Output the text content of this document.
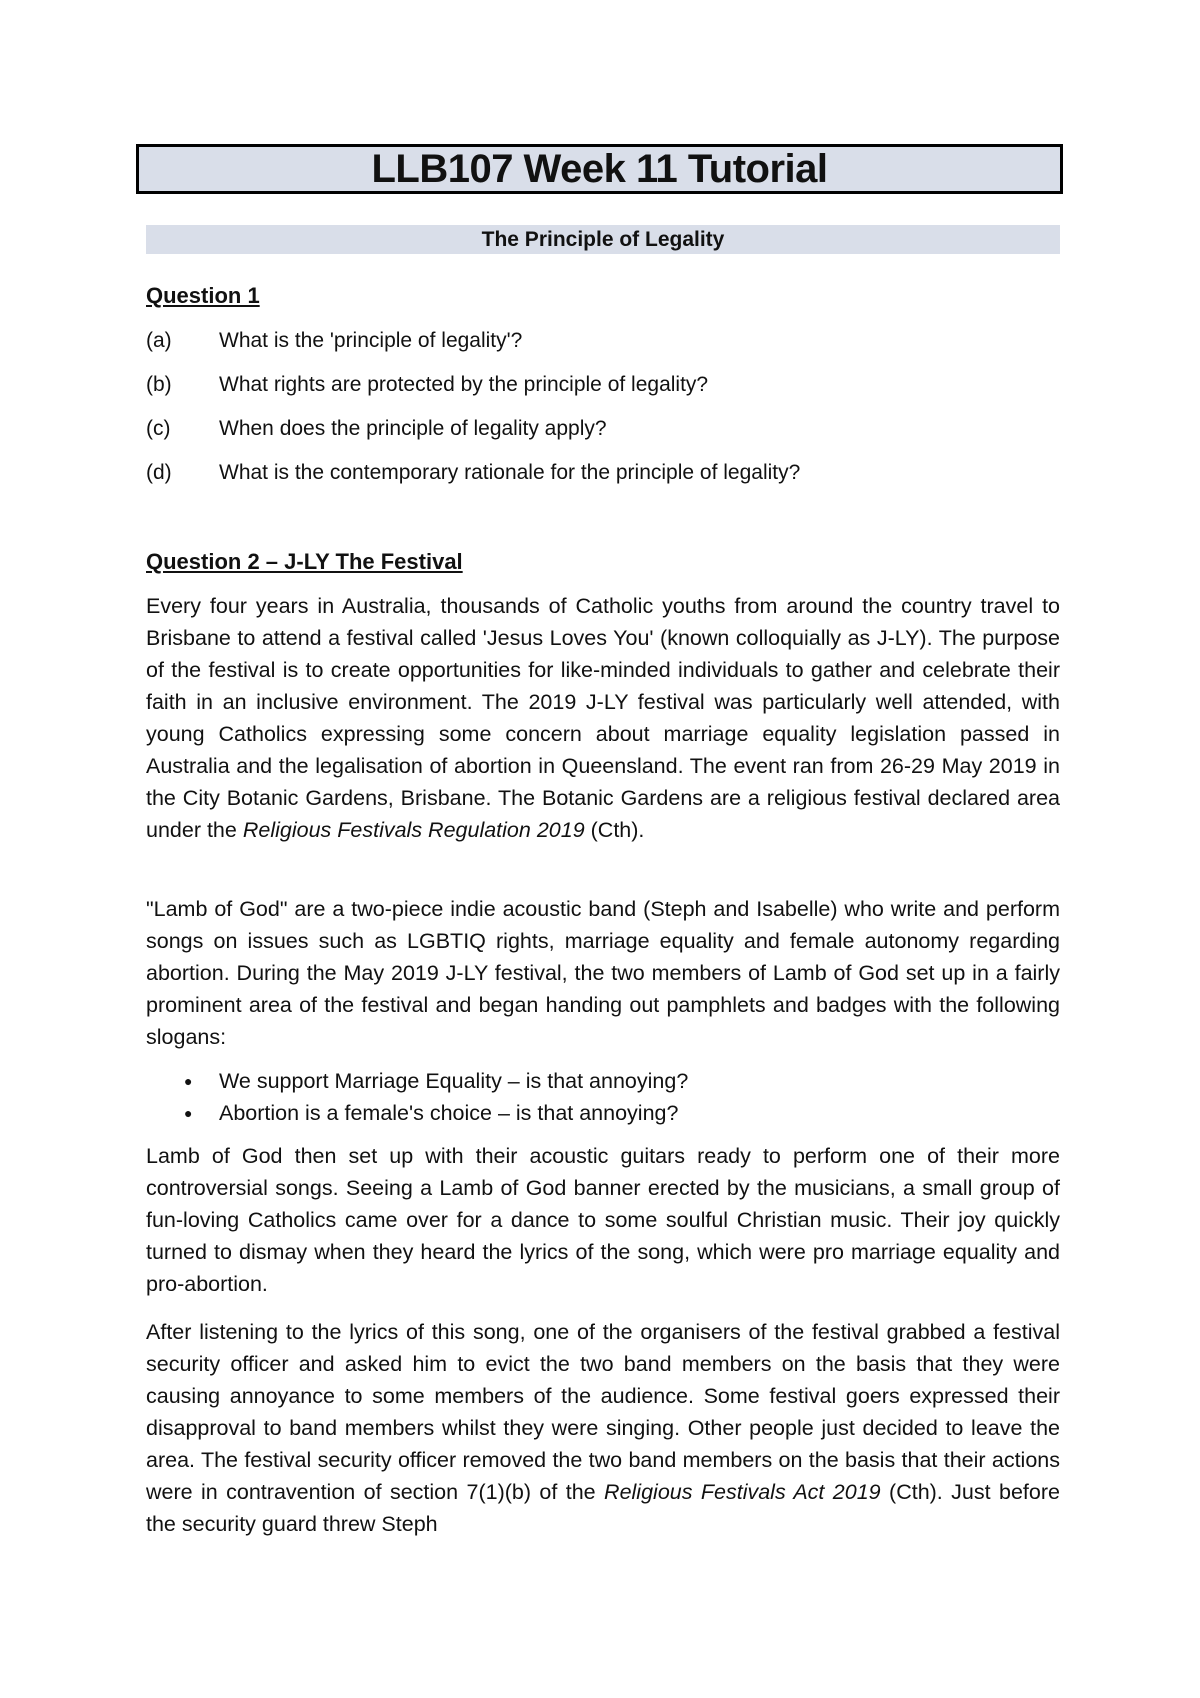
LLB107 Week 11 Tutorial
The Principle of Legality
Question 1
(a)	What is the 'principle of legality'?
(b)	What rights are protected by the principle of legality?
(c)	When does the principle of legality apply?
(d)	What is the contemporary rationale for the principle of legality?
Question 2 – J-LY The Festival

Every four years in Australia, thousands of Catholic youths from around the country travel to Brisbane to attend a festival called 'Jesus Loves You' (known colloquially as J-LY). The purpose of the festival is to create opportunities for like-minded individuals to gather and celebrate their faith in an inclusive environment. The 2019 J-LY festival was particularly well attended, with young Catholics expressing some concern about marriage equality legislation passed in Australia and the legalisation of abortion in Queensland. The event ran from 26-29 May 2019 in the City Botanic Gardens, Brisbane. The Botanic Gardens are a religious festival declared area under the Religious Festivals Regulation 2019 (Cth).

"Lamb of God" are a two-piece indie acoustic band (Steph and Isabelle) who write and perform songs on issues such as LGBTIQ rights, marriage equality and female autonomy regarding abortion. During the May 2019 J-LY festival, the two members of Lamb of God set up in a fairly prominent area of the festival and began handing out pamphlets and badges with the following slogans:

●	We support Marriage Equality – is that annoying?
●	Abortion is a female's choice – is that annoying?

Lamb of God then set up with their acoustic guitars ready to perform one of their more controversial songs. Seeing a Lamb of God banner erected by the musicians, a small group of fun-loving Catholics came over for a dance to some soulful Christian music. Their joy quickly turned to dismay when they heard the lyrics of the song, which were pro marriage equality and pro-abortion.

After listening to the lyrics of this song, one of the organisers of the festival grabbed a festival security officer and asked him to evict the two band members on the basis that they were causing annoyance to some members of the audience. Some festival goers expressed their disapproval to band members whilst they were singing. Other people just decided to leave the area. The festival security officer removed the two band members on the basis that their actions were in contravention of section 7(1)(b) of the Religious Festivals Act 2019 (Cth). Just before the security guard threw Steph
